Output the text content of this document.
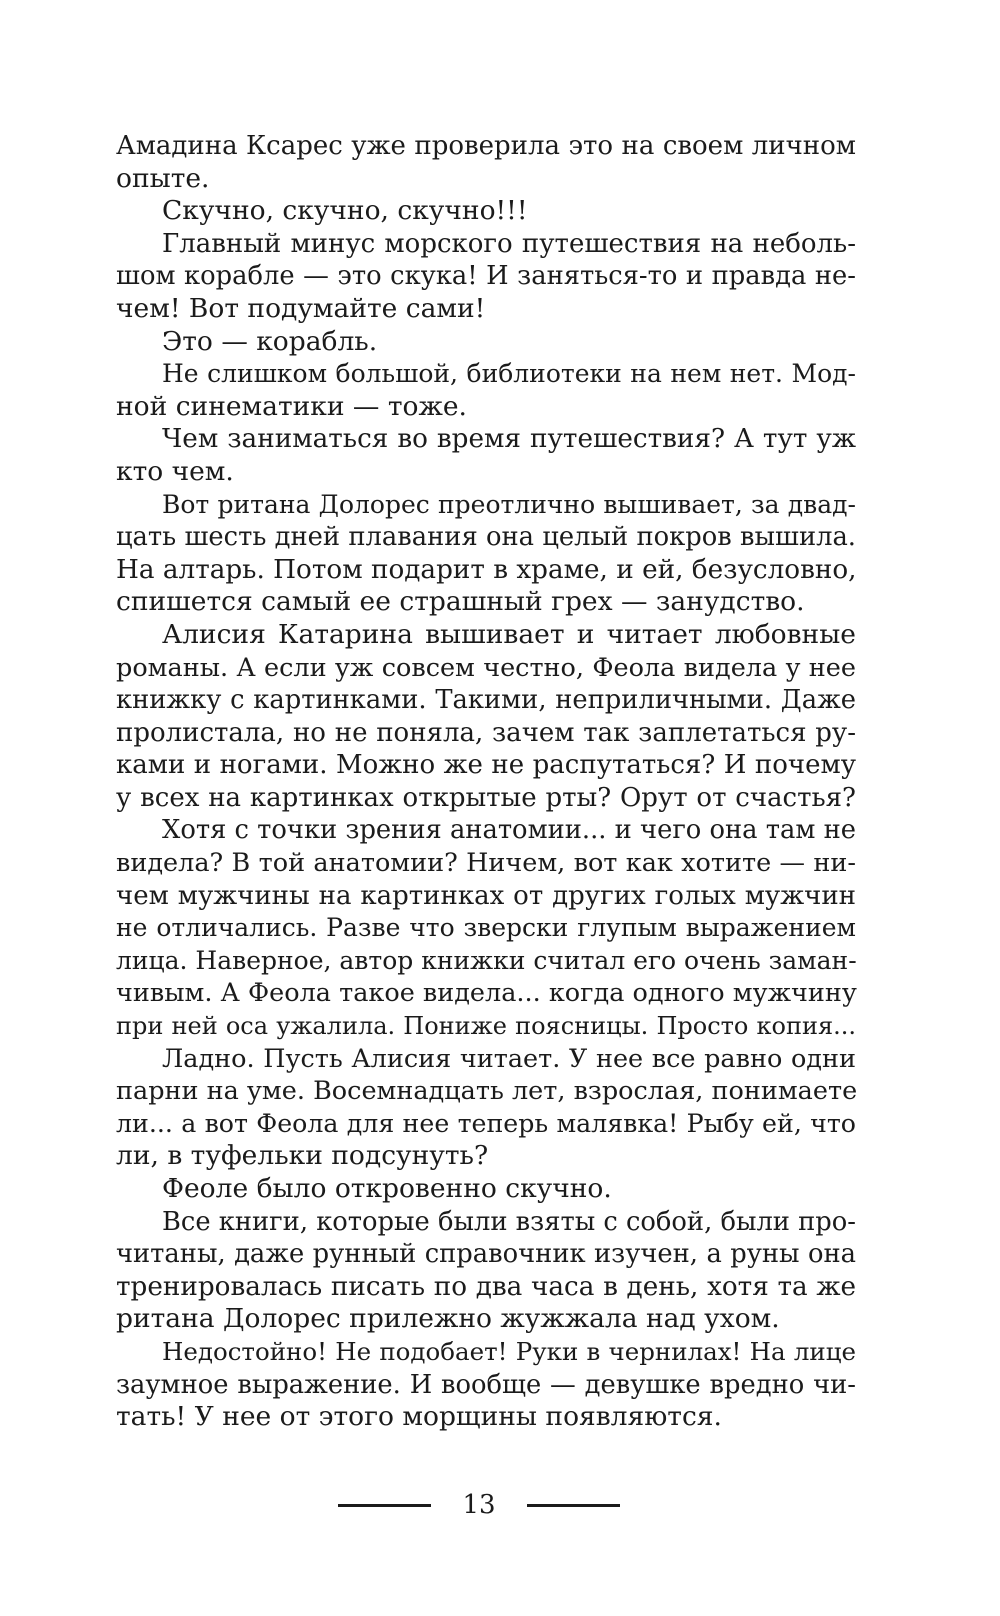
Амадина Ксарес уже проверила это на своем личном
опыте.
Скучно, скучно, скучно!!!
Главный минус морского путешествия на неболь-
шом корабле — это скука! И заняться-то и правда не-
чем! Вот подумайте сами!
Это — корабль.
Не слишком большой, библиотеки на нем нет. Мод-
ной синематики — тоже.
Чем заниматься во время путешествия? А тут уж
кто чем.
Вот ритана Долорес преотлично вышивает, за двад-
цать шесть дней плавания она целый покров вышила.
На алтарь. Потом подарит в храме, и ей, безусловно,
спишется самый ее страшный грех — занудство.
Алисия Катарина вышивает и читает любовные
романы. А если уж совсем честно, Феола видела у нее
книжку с картинками. Такими, неприличными. Даже
пролистала, но не поняла, зачем так заплетаться ру-
ками и ногами. Можно же не распутаться? И почему
у всех на картинках открытые рты? Орут от счастья?
Хотя с точки зрения анатомии... и чего она там не
видела? В той анатомии? Ничем, вот как хотите — ни-
чем мужчины на картинках от других голых мужчин
не отличались. Разве что зверски глупым выражением
лица. Наверное, автор книжки считал его очень заман-
чивым. А Феола такое видела... когда одного мужчину
при ней оса ужалила. Пониже поясницы. Просто копия...
Ладно. Пусть Алисия читает. У нее все равно одни
парни на уме. Восемнадцать лет, взрослая, понимаете
ли... а вот Феола для нее теперь малявка! Рыбу ей, что
ли, в туфельки подсунуть?
Феоле было откровенно скучно.
Все книги, которые были взяты с собой, были про-
читаны, даже рунный справочник изучен, а руны она
тренировалась писать по два часа в день, хотя та же
ритана Долорес прилежно жужжала над ухом.
Недостойно! Не подобает! Руки в чернилах! На лице
заумное выражение. И вообще — девушке вредно чи-
тать! У нее от этого морщины появляются.
13
